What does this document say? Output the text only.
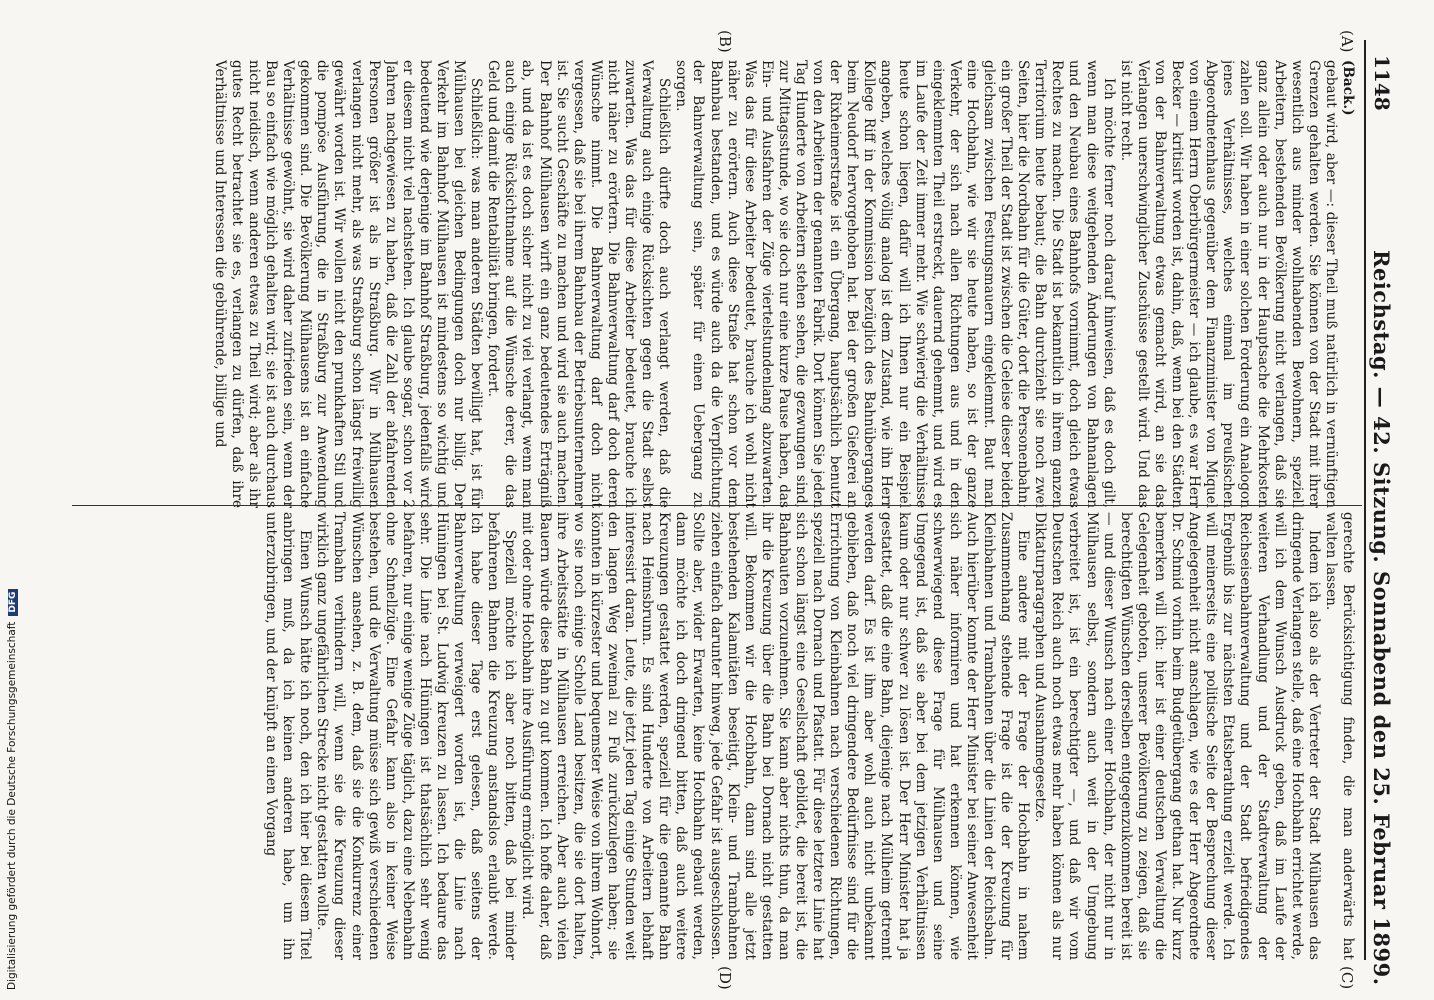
1148
Reichstag. — 42. Sitzung. Sonnabend den 25. Februar 1899.
(A)
(B)
(C)
(D)

(Back.)

gebaut wird, aber —: dieser Theil muß natürlich in vernünftigen Grenzen gehalten werden. Sie können von der Stadt mit ihrer wesentlich aus minder wohlhabenden Bewohnern, speziell Arbeitern, bestehenden Bevölkerung nicht verlangen, daß sie ganz allein oder auch nur in der Hauptsache die Mehrkosten zahlen soll. Wir haben in einer solchen Forderung ein Analogon jenes Verhältnisses, welches einmal im preußischen Abgeordnetenhaus gegenüber dem Finanzminister von Miquel von einem Herrn Oberbürgermeister — ich glaube, es war Herr Becker — kritisirt worden ist, dahin, daß, wenn bei den Städten von der Bahnverwaltung etwas gemacht wird, an sie das Verlangen unerschwinglicher Zuschüsse gestellt wird. Und das ist nicht recht.

Ich möchte ferner noch darauf hinweisen, daß es doch gilt, wenn man diese weitgehenden Änderungen von Bahnanlagen und den Neubau eines Bahnhofs vornimmt, doch gleich etwas Rechtes zu machen. Die Stadt ist bekanntlich in ihrem ganzen Territorium heute bebaut; die Bahn durchzieht sie noch zwei Seiten, hier die Nordbahn für die Güter, dort die Personenbahn; ein großer Theil der Stadt ist zwischen die Geleise dieser beiden gleichsam zwischen Festungsmauern eingeklemmt. Baut man eine Hochbahn, wie wir sie heute haben, so ist der ganze Verkehr, der sich nach allen Richtungen aus und in den eingeklemmten Theil erstreckt, dauernd gehemmt, und wird es im Laufe der Zeit immer mehr. Wie schwierig die Verhältnisse heute schon liegen, dafür will ich Ihnen nur ein Beispiel angeben, welches völlig analog ist dem Zustand, wie ihn Herr Kollege Riff in der Kommission bezüglich des Bahnüberganges beim Neudorf hervorgehoben hat. Bei der großen Gießerei an der Rixheimerstraße ist ein Übergang, hauptsächlich benutzt von den Arbeitern der genannten Fabrik. Dort können Sie jeden Tag Hunderte von Arbeitern stehen sehen, die gezwungen sind, zur Mittagsstunde, wo sie doch nur eine kurze Pause haben, das Ein- und Ausfahren der Züge viertelstundenlang abzuwarten. Was das für diese Arbeiter bedeutet, brauche ich wohl nicht näher zu erörtern. Auch diese Straße hat schon vor dem Bahnbau bestanden, und es würde auch da die Verpflichtung der Bahnverwaltung sein, später für einen Uebergang zu sorgen.

Schließlich dürfte doch auch verlangt werden, daß die Verwaltung auch einige Rücksichten gegen die Stadt selbst zuwarten. Was das für diese Arbeiter bedeutet, brauche ich nicht näher zu erörtern. Die Bahnverwaltung darf doch deren Wünsche nimmt. Die Bahnverwaltung darf doch nicht vergessen, daß sie bei ihrem Bahnbau der Betriebsunternehmer ist. Sie sucht Geschäfte zu machen und wird sie auch machen. Der Bahnhof Mülhausen wirft ein ganz bedeutendes Erträgniß ab, und da ist es doch sicher nicht zu viel verlangt, wenn man auch einige Rücksichtnahme auf die Wünsche derer, die das Geld und damit die Rentabilität bringen, fordert.

Schließlich: was man anderen Städten bewilligt hat, ist für Mülhausen bei gleichen Bedingungen doch nur billig. Der Verkehr im Bahnhof Mülhausen ist mindestens so wichtig und bedeutend wie derjenige im Bahnhof Straßburg, jedenfalls wird er diesem nicht viel nachstehen. Ich glaube sogar, schon vor 2 Jahren nachgewiesen zu haben, daß die Zahl der abfahrenden Personen größer ist als in Straßburg. Wir in Mülhausen verlangen nicht mehr, als was Straßburg schon längst freiwillig gewährt worden ist. Wir wollen nicht den prunkhaften Stil und die pompöse Ausführung, die in Straßburg zur Anwendung gekommen sind. Die Bevölkerung Mülhausens ist an einfache Verhältnisse gewöhnt, sie wird daher zufrieden sein, wenn der Bau so einfach wie möglich gehalten wird; sie ist auch durchaus nicht neidisch, wenn anderen etwas zu Theil wird; aber als ihr gutes Recht betrachtet sie es, verlangen zu dürfen, daß ihre Verhältnisse und Interessen die gebührende, billige und

gerechte Berücksichtigung finden, die man anderwärts hat walten lassen.

Indem ich also als der Vertreter der Stadt Mülhausen das dringende Verlangen stelle, daß eine Hochbahn errichtet werde, will ich dem Wunsch Ausdruck geben, daß im Laufe der weiteren Verhandlung und der Stadtverwaltung der Reichseisenbahnverwaltung und der Stadt befriedigendes Ergebniß bis zur nächsten Etatsberathung erzielt werde. Ich will meinerseits eine politische Seite der Besprechung dieser Angelegenheit nicht anschlagen, wie es der Herr Abgeordnete Dr. Schmid vorhin beim Budgetübergang gethan hat. Nur kurz bemerken will ich: hier ist einer deutschen Verwaltung die Gelegenheit geboten, unserer Bevölkerung zu zeigen, daß sie berechtigten Wünschen derselben entgegenzukommen bereit ist — und dieser Wunsch nach einer Hochbahn, der nicht nur in Mülhausen selbst, sondern auch weit in der Umgebung verbreitet ist, ist ein berechtigter —, und daß wir vom Deutschen Reich auch noch etwas mehr haben können als nur Diktaturparagraphen und Ausnahmegesetze.

Eine andere mit der Frage der Hochbahn in nahem Zusammenhang stehende Frage ist die der Kreuzung für Kleinbahnen und Trambahnen über die Linien der Reichsbahn. Auch hierüber konnte der Herr Minister bei seiner Anwesenheit sich näher informiren und hat erkennen können, wie schwerwiegend diese Frage für Mülhausen und seine Umgegend ist, daß sie aber bei dem jetzigen Verhältnissen kaum oder nur schwer zu lösen ist. Der Herr Minister hat ja gestattet, daß die eine Bahn, diejenige nach Mülheim getrennt werden darf. Es ist ihm aber wohl auch nicht unbekannt geblieben, daß noch viel dringendere Bedürfnisse sind für die Errichtung von Kleinbahnen nach verschiedenen Richtungen, speziell nach Dornach und Pfastatt. Für diese letztere Linie hat sich schon längst eine Gesellschaft gebildet, die bereit ist, die Bahnbauten vorzunehmen. Sie kann aber nichts thun, da man ihr die Kreuzung über die Bahn bei Dornach nicht gestatten will. Bekommen wir die Hochbahn, dann sind alle jetzt bestehenden Kalamitäten beseitigt, Klein- und Trambahnen ziehen einfach darunter hinweg, jede Gefahr ist ausgeschlossen. Sollte aber, wider Erwarten, keine Hochbahn gebaut werden, dann möchte ich doch dringend bitten, daß auch weitere Kreuzungen gestattet werden, speziell für die genannte Bahn nach Heimsbrunn. Es sind Hunderte von Arbeitern lebhaft interessirt daran. Leute, die jetzt jeden Tag einige Stunden weit den langen Weg zweimal zu Fuß zurückzulegen haben; sie könnten in kürzester und bequemster Weise von ihrem Wohnort, wo sie noch einige Scholle Land besitzen, die sie dort halten, ihre Arbeitsstätte in Mülhausen erreichen. Aber auch vielen Bauern würde diese Bahn zu gut kommen. Ich hoffe daher, daß mit oder ohne Hochbahn ihre Ausführung ermöglicht wird.

Speziell möchte ich aber noch bitten, daß bei minder befahrenen Bahnen die Kreuzung anstandslos erlaubt werde. Ich habe dieser Tage erst gelesen, daß seitens der Bahnverwaltung verweigert worden ist, die Linie nach Hüningen bei St. Ludwig kreuzen zu lassen. Ich bedaure das sehr. Die Linie nach Hüningen ist thatsächlich sehr wenig befahren, nur einige wenige Züge täglich, dazu eine Nebenbahn ohne Schnellzüge. Eine Gefahr kann also in keiner Weise bestehen, und die Verwaltung müsse sich gewiß verschiedenen Wünschen ansehen, z. B. dem, daß sie die Konkurrenz einer Trambahn verhindern will, wenn sie die Kreuzung dieser wirklich ganz ungefährlichen Strecke nicht gestatten wollte.

Einen Wunsch hätte ich noch, den ich hier bei diesem Titel anbringen muß, da ich keinen anderen habe, um ihn unterzubringen, und der knüpft an einen Vorgang

Digitalisierung gefördert durch die Deutsche ForschungsgemeinschaftDFG
